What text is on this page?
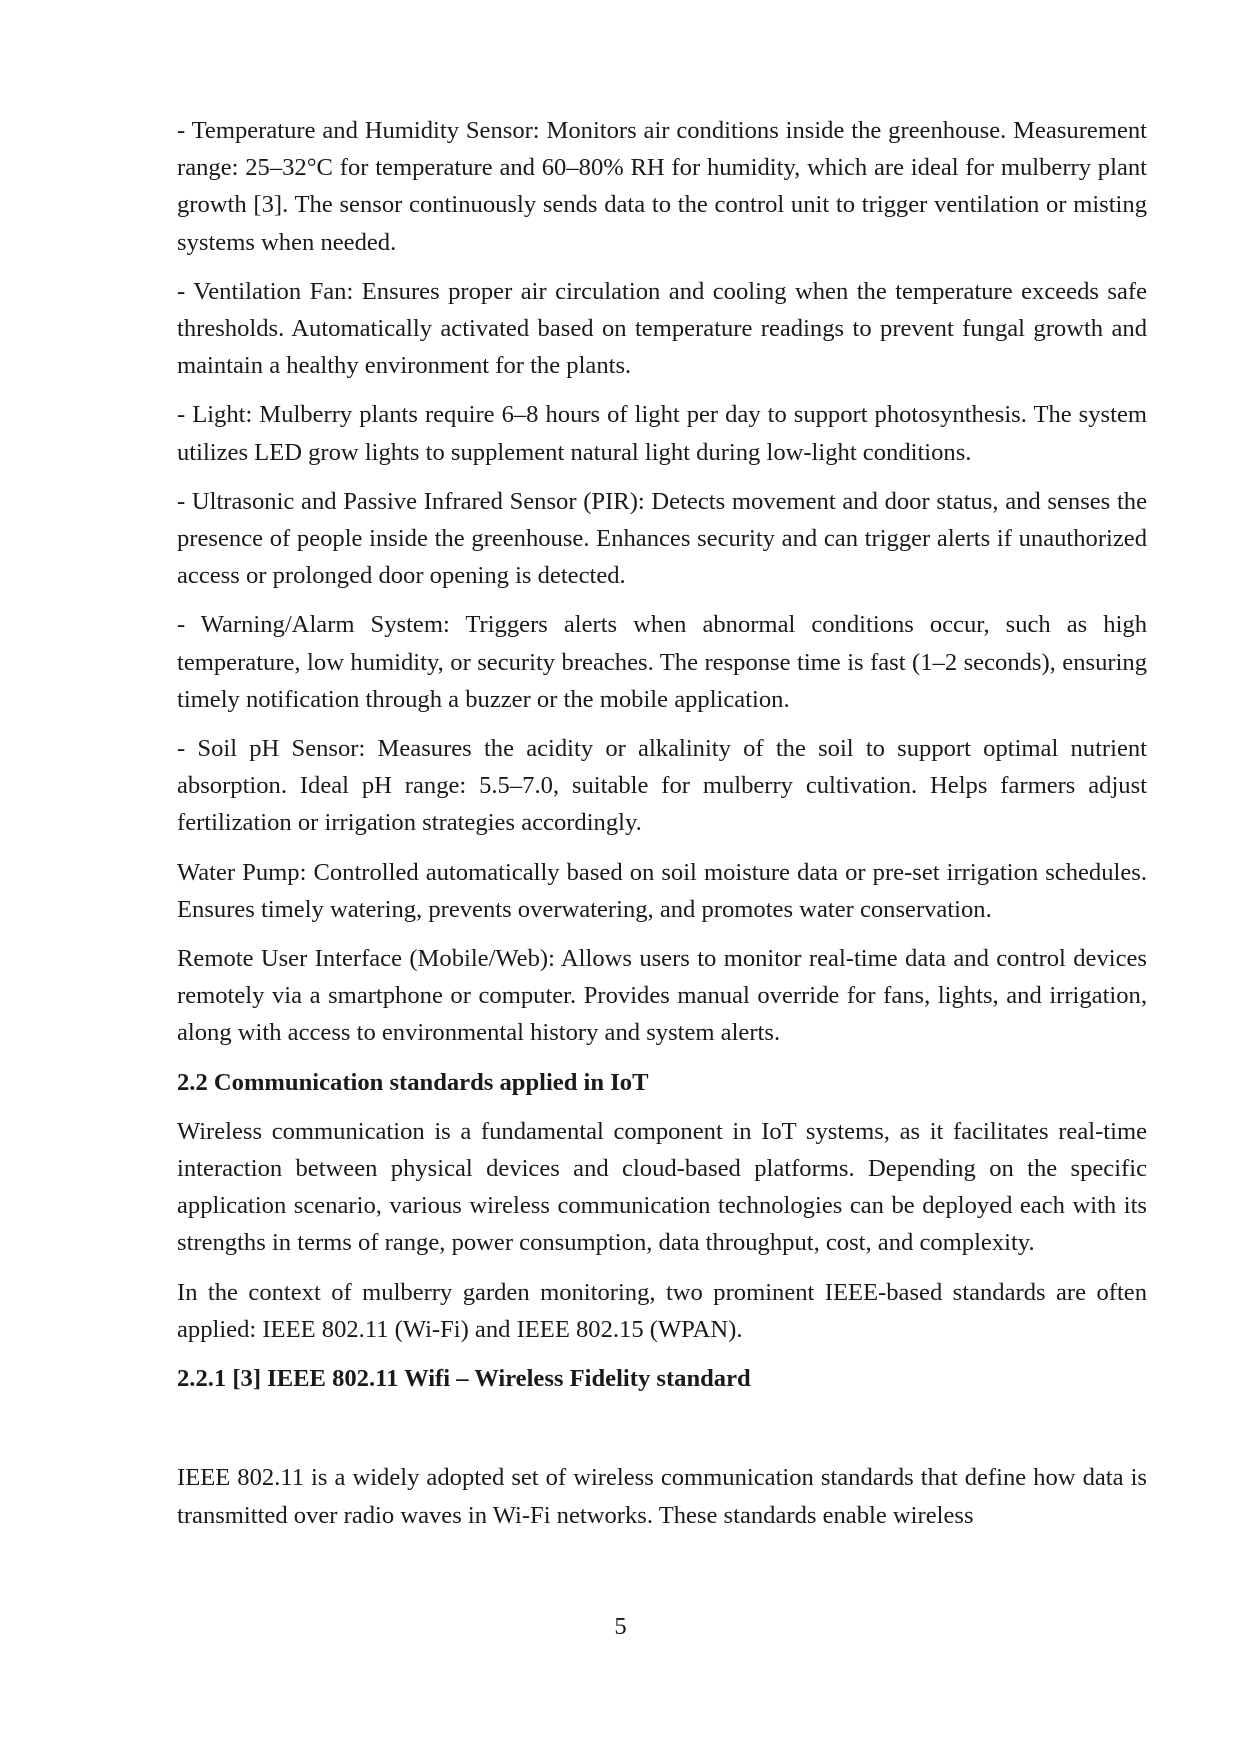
- Temperature and Humidity Sensor: Monitors air conditions inside the greenhouse. Measurement range: 25–32°C for temperature and 60–80% RH for humidity, which are ideal for mulberry plant growth [3]. The sensor continuously sends data to the control unit to trigger ventilation or misting systems when needed.

- Ventilation Fan: Ensures proper air circulation and cooling when the temperature exceeds safe thresholds. Automatically activated based on temperature readings to prevent fungal growth and maintain a healthy environment for the plants.

- Light: Mulberry plants require 6–8 hours of light per day to support photosynthesis. The system utilizes LED grow lights to supplement natural light during low-light conditions.

- Ultrasonic and Passive Infrared Sensor (PIR): Detects movement and door status, and senses the presence of people inside the greenhouse. Enhances security and can trigger alerts if unauthorized access or prolonged door opening is detected.

- Warning/Alarm System: Triggers alerts when abnormal conditions occur, such as high temperature, low humidity, or security breaches. The response time is fast (1–2 seconds), ensuring timely notification through a buzzer or the mobile application.

- Soil pH Sensor: Measures the acidity or alkalinity of the soil to support optimal nutrient absorption. Ideal pH range: 5.5–7.0, suitable for mulberry cultivation. Helps farmers adjust fertilization or irrigation strategies accordingly.

Water Pump: Controlled automatically based on soil moisture data or pre-set irrigation schedules. Ensures timely watering, prevents overwatering, and promotes water conservation.

Remote User Interface (Mobile/Web): Allows users to monitor real-time data and control devices remotely via a smartphone or computer. Provides manual override for fans, lights, and irrigation, along with access to environmental history and system alerts.

2.2 Communication standards applied in IoT

Wireless communication is a fundamental component in IoT systems, as it facilitates real-time interaction between physical devices and cloud-based platforms. Depending on the specific application scenario, various wireless communication technologies can be deployed each with its strengths in terms of range, power consumption, data throughput, cost, and complexity.

In the context of mulberry garden monitoring, two prominent IEEE-based standards are often applied: IEEE 802.11 (Wi-Fi) and IEEE 802.15 (WPAN).

2.2.1 [3] IEEE 802.11 Wifi – Wireless Fidelity standard

IEEE 802.11 is a widely adopted set of wireless communication standards that define how data is transmitted over radio waves in Wi-Fi networks. These standards enable wireless

5
